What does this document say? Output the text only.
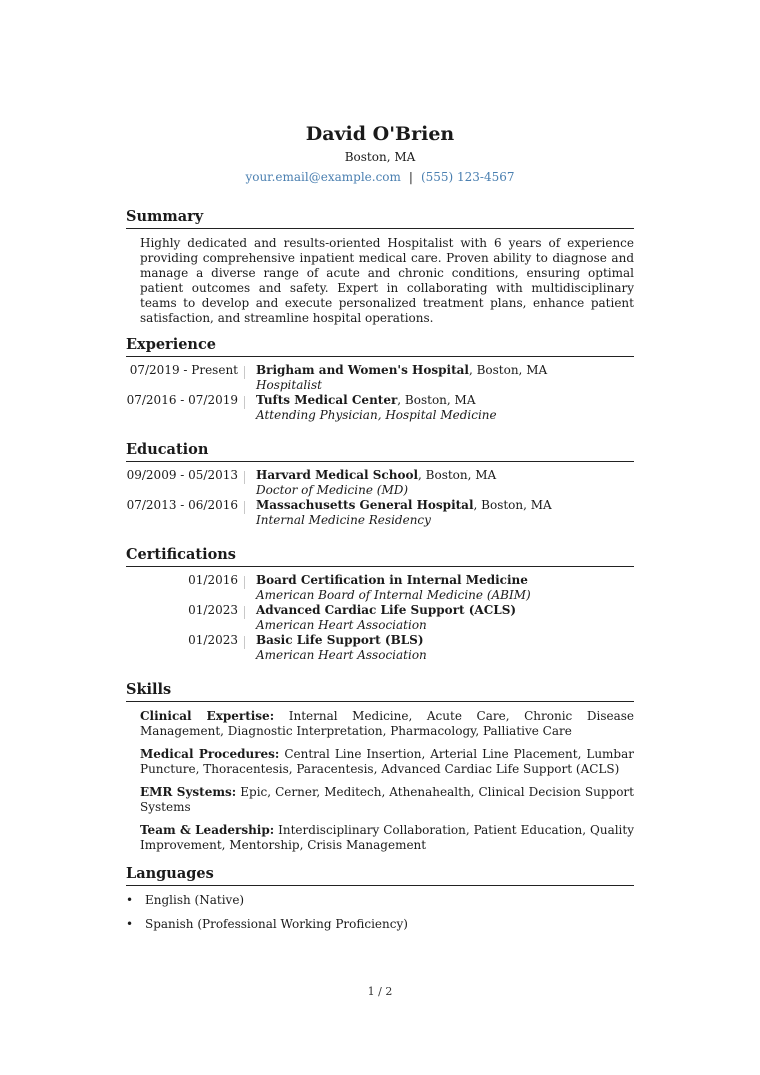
David O'Brien
Boston, MA
your.email@example.com | (555) 123-4567
Summary
Highly dedicated and results-oriented Hospitalist with 6 years of experience providing comprehensive inpatient medical care. Proven ability to diagnose and manage a diverse range of acute and chronic conditions, ensuring optimal patient outcomes and safety. Expert in collaborating with multidisciplinary teams to develop and execute personalized treatment plans, enhance patient satisfaction, and streamline hospital operations.
Experience
07/2019 - Present	Brigham and Women's Hospital, Boston, MA
Hospitalist
07/2016 - 07/2019	Tufts Medical Center, Boston, MA
Attending Physician, Hospital Medicine
Education
09/2009 - 05/2013	Harvard Medical School, Boston, MA
Doctor of Medicine (MD)
07/2013 - 06/2016	Massachusetts General Hospital, Boston, MA
Internal Medicine Residency
Certifications
01/2016	Board Certification in Internal Medicine
American Board of Internal Medicine (ABIM)
01/2023	Advanced Cardiac Life Support (ACLS)
American Heart Association
01/2023	Basic Life Support (BLS)
American Heart Association
Skills
Clinical Expertise: Internal Medicine, Acute Care, Chronic Disease Management, Diagnostic Interpretation, Pharmacology, Palliative Care
Medical Procedures: Central Line Insertion, Arterial Line Placement, Lumbar Puncture, Thoracentesis, Paracentesis, Advanced Cardiac Life Support (ACLS)
EMR Systems: Epic, Cerner, Meditech, Athenahealth, Clinical Decision Support Systems
Team & Leadership: Interdisciplinary Collaboration, Patient Education, Quality Improvement, Mentorship, Crisis Management
Languages
• English (Native)
• Spanish (Professional Working Proficiency)
1 / 2
